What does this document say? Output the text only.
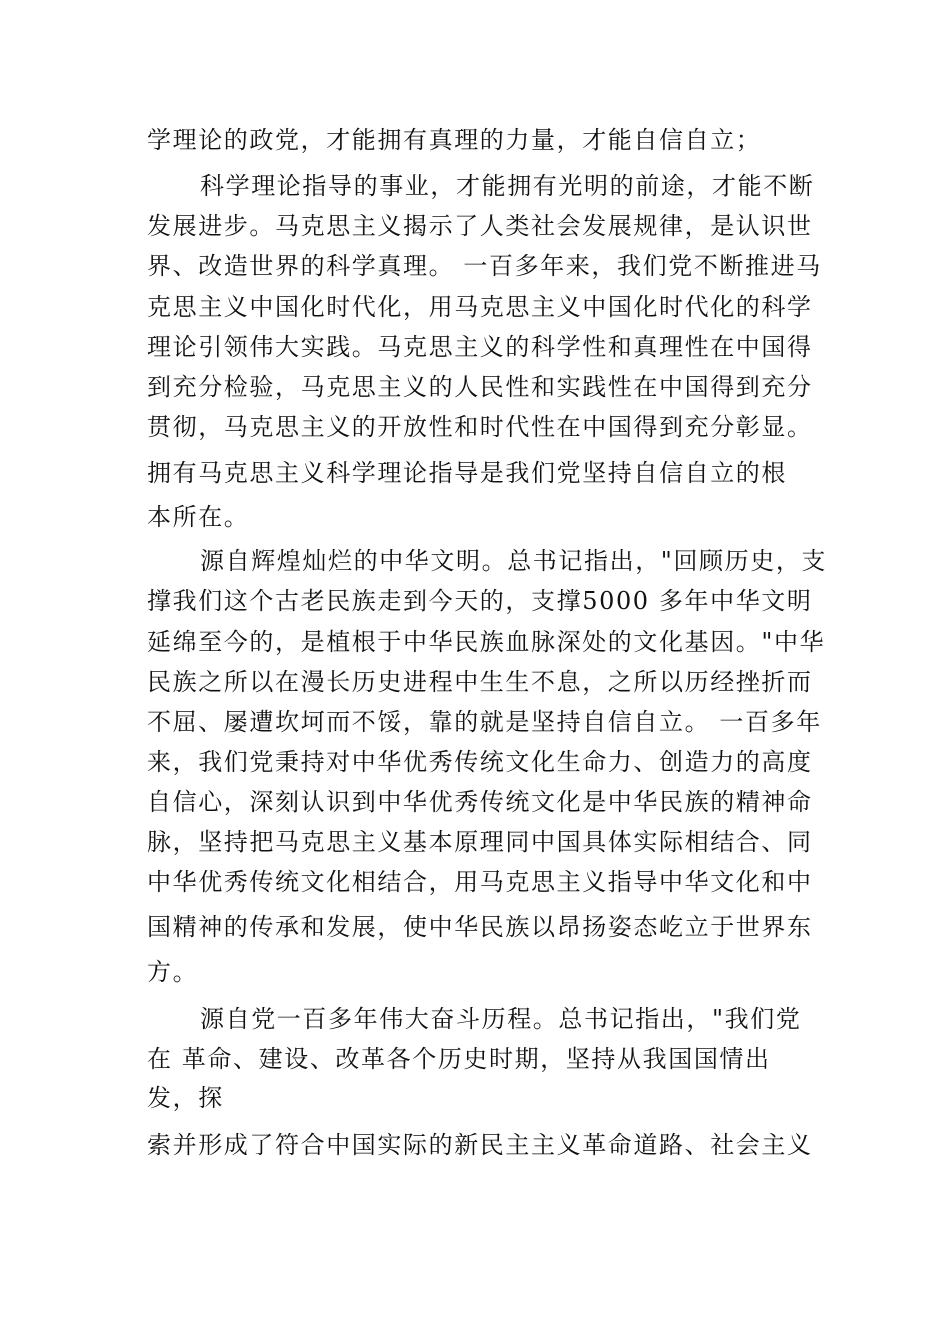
学理论的政党，才能拥有真理的力量，才能自信自立；
科学理论指导的事业，才能拥有光明的前途，才能不断
发展进步。马克思主义揭示了人类社会发展规律，是认识世
界、改造世界的科学真理。 一百多年来，我们党不断推进马
克思主义中国化时代化，用马克思主义中国化时代化的科学
理论引领伟大实践。马克思主义的科学性和真理性在中国得
到充分检验，马克思主义的人民性和实践性在中国得到充分
贯彻，马克思主义的开放性和时代性在中国得到充分彰显。
拥有马克思主义科学理论指导是我们党坚持自信自立的根
本所在。
源自辉煌灿烂的中华文明。总书记指出，"回顾历史，支
撑我们这个古老民族走到今天的，支撑5000 多年中华文明
延绵至今的，是植根于中华民族血脉深处的文化基因。"中华
民族之所以在漫长历史进程中生生不息，之所以历经挫折而
不屈、屡遭坎坷而不馁，靠的就是坚持自信自立。 一百多年
来，我们党秉持对中华优秀传统文化生命力、创造力的高度
自信心，深刻认识到中华优秀传统文化是中华民族的精神命
脉，坚持把马克思主义基本原理同中国具体实际相结合、同
中华优秀传统文化相结合，用马克思主义指导中华文化和中
国精神的传承和发展，使中华民族以昂扬姿态屹立于世界东
方。
源自党一百多年伟大奋斗历程。总书记指出，"我们党
在 革命、建设、改革各个历史时期，坚持从我国国情出
发，探
索并形成了符合中国实际的新民主主义革命道路、社会主义
